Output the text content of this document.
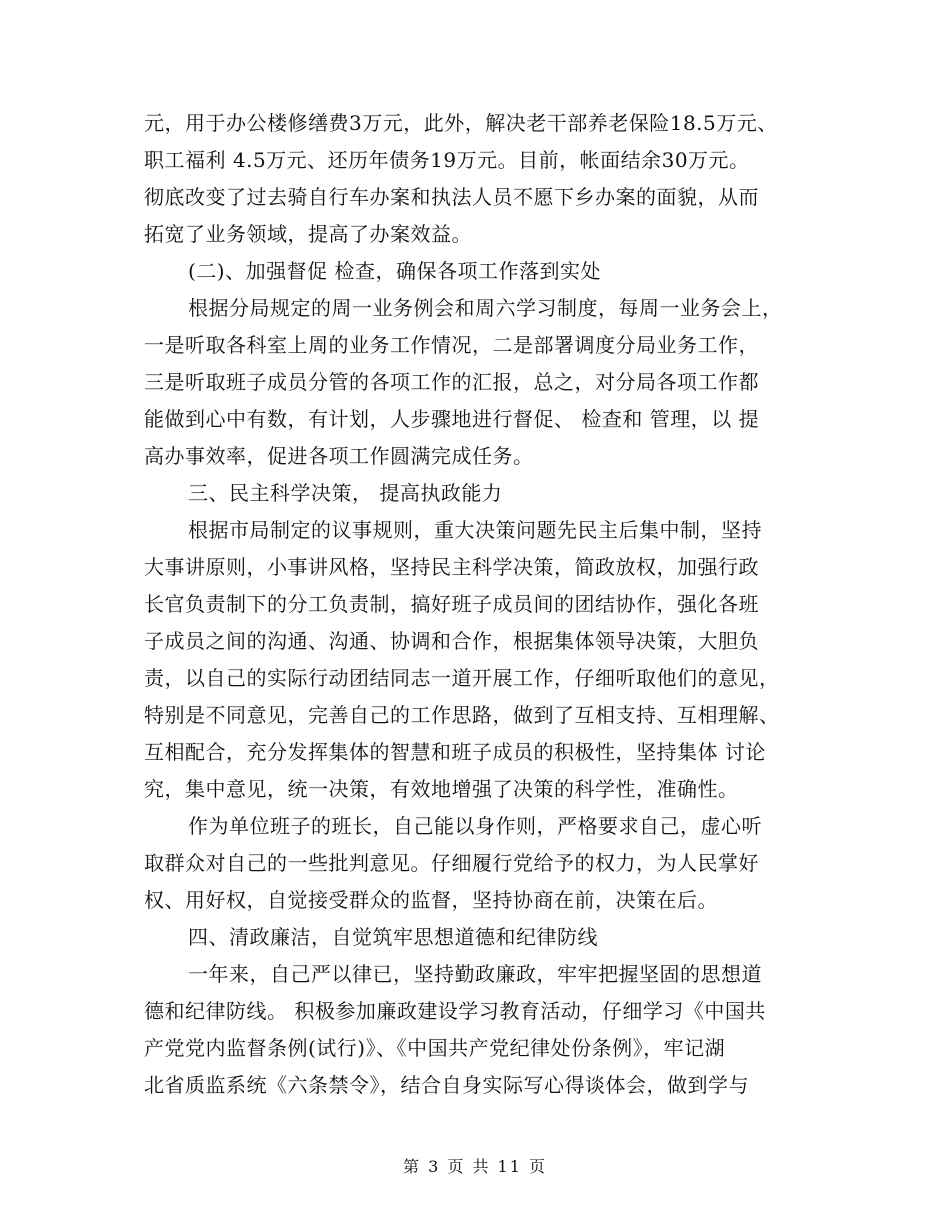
元，用于办公楼修缮费3万元，此外，解决老干部养老保险18.5万元、
职工福利 4.5万元、还历年债务19万元。目前，帐面结余30万元。
彻底改变了过去骑自行车办案和执法人员不愿下乡办案的面貌，从而
拓宽了业务领域，提高了办案效益。
(二)、加强督促 检查，确保各项工作落到实处
根据分局规定的周一业务例会和周六学习制度，每周一业务会上，
一是听取各科室上周的业务工作情况，二是部署调度分局业务工作，
三是听取班子成员分管的各项工作的汇报，总之，对分局各项工作都
能做到心中有数，有计划，人步骤地进行督促、 检查和 管理，以 提
高办事效率，促进各项工作圆满完成任务。
三、民主科学决策， 提高执政能力
根据市局制定的议事规则，重大决策问题先民主后集中制，坚持
大事讲原则，小事讲风格，坚持民主科学决策，简政放权，加强行政
长官负责制下的分工负责制，搞好班子成员间的团结协作，强化各班
子成员之间的沟通、沟通、协调和合作，根据集体领导决策，大胆负
责，以自己的实际行动团结同志一道开展工作，仔细听取他们的意见，
特别是不同意见，完善自己的工作思路，做到了互相支持、互相理解、
互相配合，充分发挥集体的智慧和班子成员的积极性，坚持集体 讨论
究，集中意见，统一决策，有效地增强了决策的科学性，准确性。
作为单位班子的班长，自己能以身作则，严格要求自己，虚心听
取群众对自己的一些批判意见。仔细履行党给予的权力，为人民掌好
权、用好权，自觉接受群众的监督，坚持协商在前，决策在后。
四、清政廉洁，自觉筑牢思想道德和纪律防线
一年来，自己严以律已，坚持勤政廉政，牢牢把握坚固的思想道
德和纪律防线。 积极参加廉政建设学习教育活动，仔细学习《中国共
产党党内监督条例(试行)》、《中国共产党纪律处份条例》，牢记湖
北省质监系统《六条禁令》，结合自身实际写心得谈体会，做到学与
第 3 页 共 11 页
